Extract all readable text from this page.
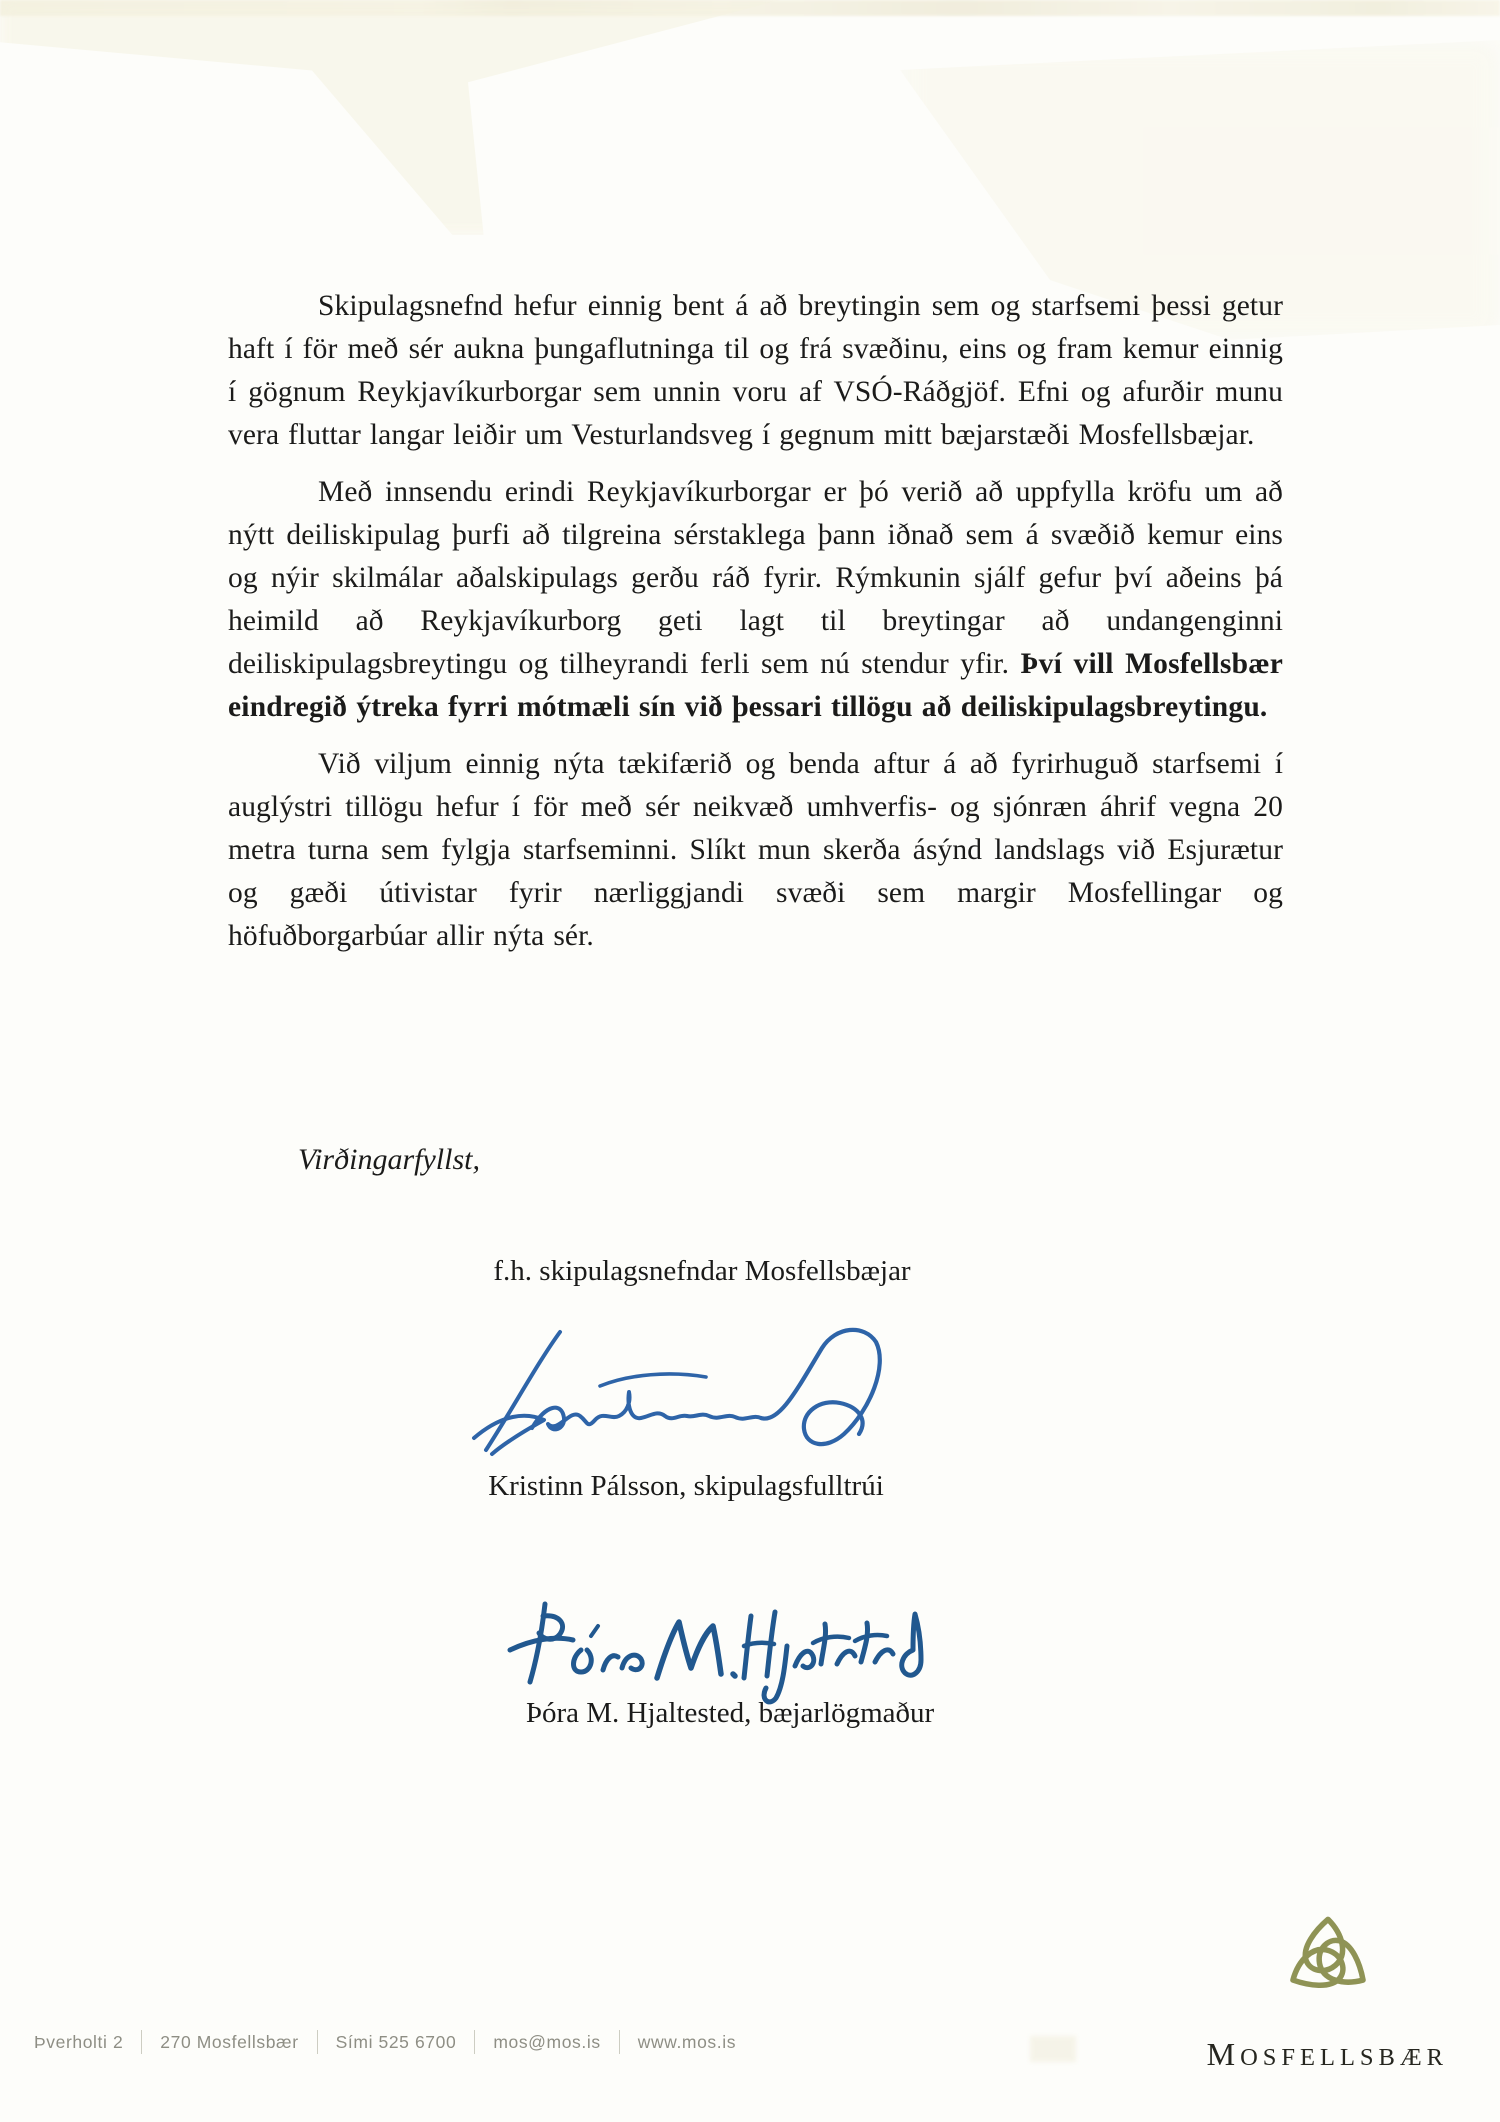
Skipulagsnefnd hefur einnig bent á að breytingin sem og starfsemi þessi getur haft í för með sér aukna þungaflutninga til og frá svæðinu, eins og fram kemur einnig í gögnum Reykjavíkurborgar sem unnin voru af VSÓ-Ráðgjöf. Efni og afurðir munu vera fluttar langar leiðir um Vesturlandsveg í gegnum mitt bæjarstæði Mosfellsbæjar.

Með innsendu erindi Reykjavíkurborgar er þó verið að uppfylla kröfu um að nýtt deiliskipulag þurfi að tilgreina sérstaklega þann iðnað sem á svæðið kemur eins og nýir skilmálar aðalskipulags gerðu ráð fyrir. Rýmkunin sjálf gefur því aðeins þá heimild að Reykjavíkurborg geti lagt til breytingar að undangenginni deiliskipulagsbreytingu og tilheyrandi ferli sem nú stendur yfir. Því vill Mosfellsbær eindregið ýtreka fyrri mótmæli sín við þessari tillögu að deiliskipulagsbreytingu.

Við viljum einnig nýta tækifærið og benda aftur á að fyrirhuguð starfsemi í auglýstri tillögu hefur í för með sér neikvæð umhverfis- og sjónræn áhrif vegna 20 metra turna sem fylgja starfseminni. Slíkt mun skerða ásýnd landslags við Esjurætur og gæði útivistar fyrir nærliggjandi svæði sem margir Mosfellingar og höfuðborgarbúar allir nýta sér.

Virðingarfyllst,
f.h. skipulagsnefndar Mosfellsbæjar
Kristinn Pálsson, skipulagsfulltrúi
Þóra M. Hjaltested, bæjarlögmaður
Þverholti 2	270 Mosfellsbær	Sími 525 6700	mos@mos.is	www.mos.is	MOSFELLSBÆR
